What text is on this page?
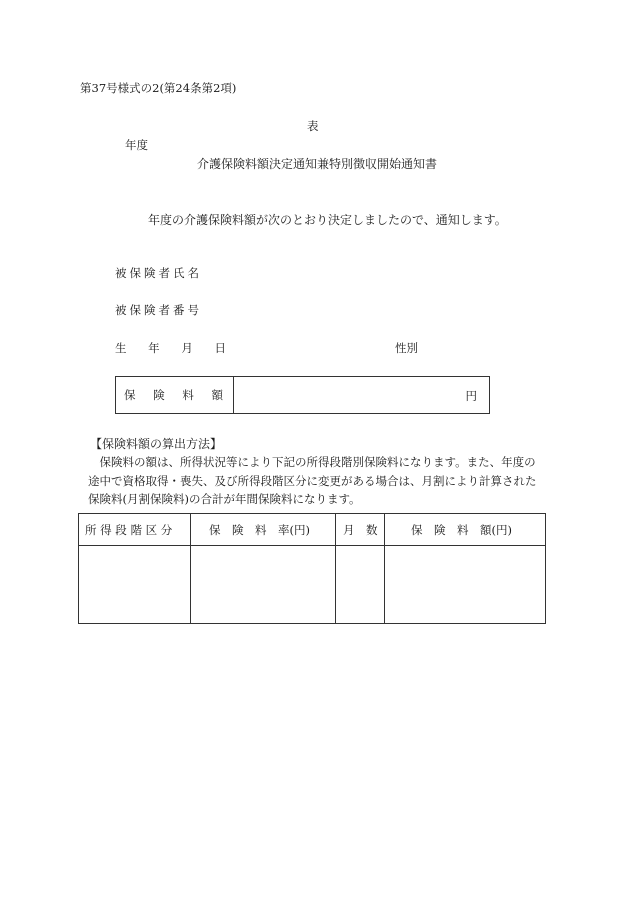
第37号様式の2(第24条第2項)
表
年度
介護保険料額決定通知兼特別徴収開始通知書
年度の介護保険料額が次のとおり決定しましたので、通知します。
被保険者氏名
被保険者番号
生 年 月 日	性別
保 険 料 額	円
【保険料額の算出方法】

　保険料の額は、所得状況等により下記の所得段階別保険料になります。また、年度の

途中で資格取得・喪失、及び所得段階区分に変更がある場合は、月割により計算された

保険料(月割保険料)の合計が年間保険料になります。

所 得 段 階 区 分	保　険　料　率(円)	月　数	保　険　料　額(円)
